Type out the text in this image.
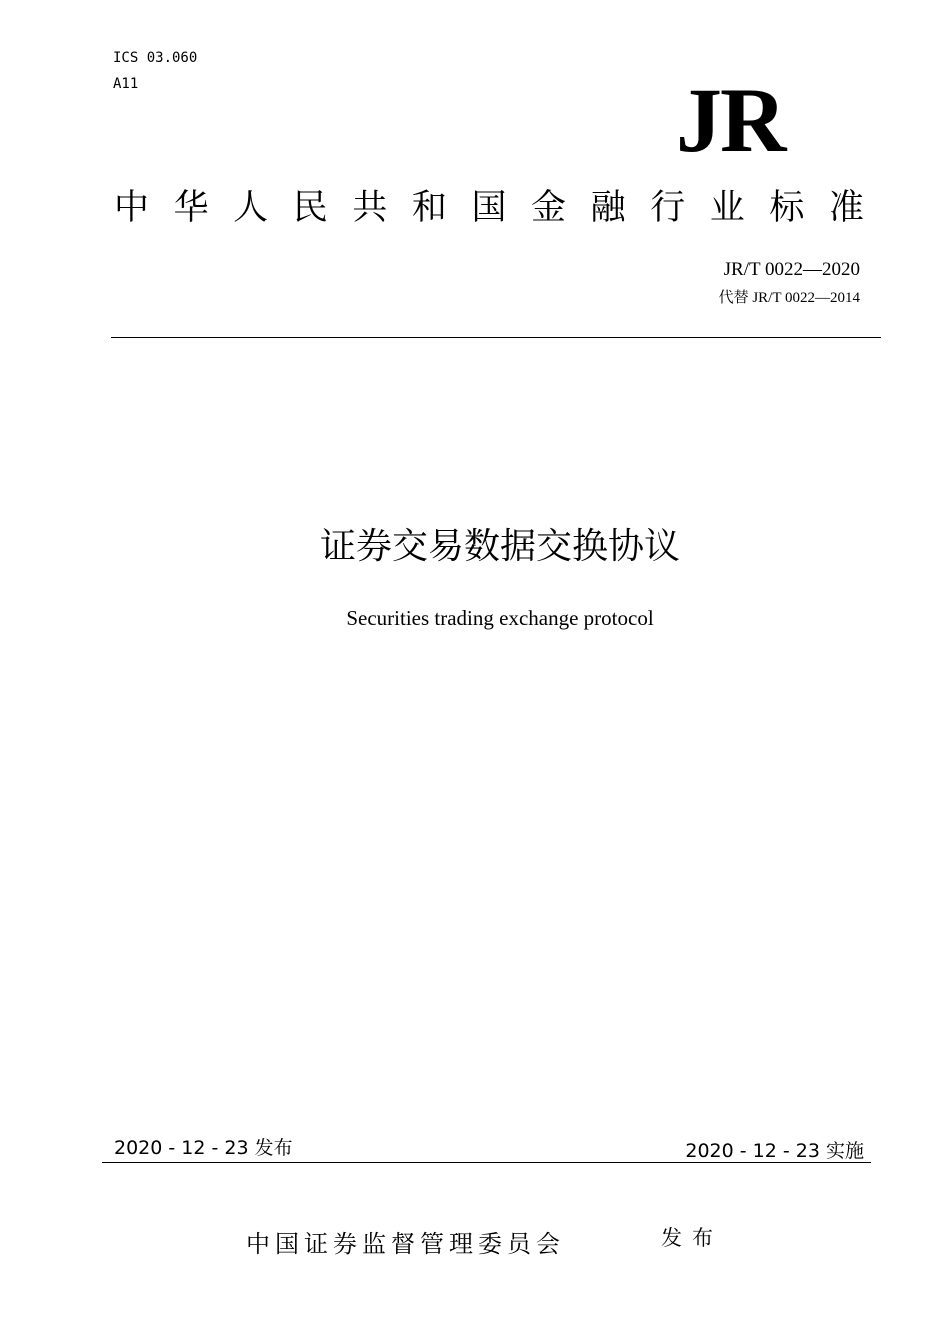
ICS 03.060
A11	JR
中 华 人 民 共 和 国 金 融 行 业 标 准
JR/T 0022—2020
代替 JR/T 0022—2014
证券交易数据交换协议
Securities trading exchange protocol
2020 - 12 - 23 发布	2020 - 12 - 23 实施
中国证券监督管理委员会	发布
